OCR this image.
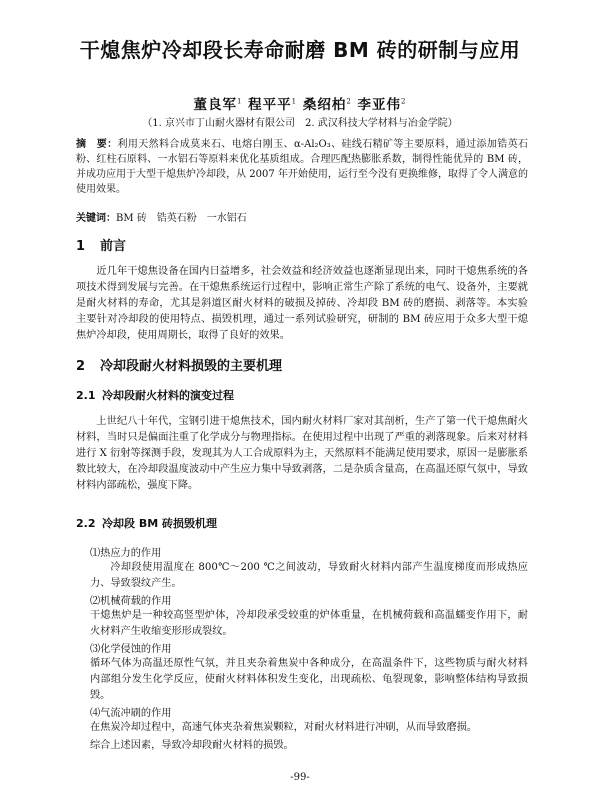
干熄焦炉冷却段长寿命耐磨 BM 砖的研制与应用
董良军$^1$ 程平平$^1$ 桑绍柏$^2$ 李亚伟$^2$
（1. 京兴市丁山耐火器材有限公司　2. 武汉科技大学材料与冶金学院）
摘　要：利用天然料合成莫来石、电熔白刚玉、α-Al₂O₃、硅线石精矿等主要原料，通过添加锆英石粉、红柱石原料、一水铝石等原料来优化基质组成。合理匹配热膨胀系数，制得性能优异的 BM 砖，并成功应用于大型干熄焦炉冷却段，从 2007 年开始使用，运行至今没有更换维修，取得了令人满意的使用效果。
关键词：BM 砖　锆英石粉　一水铝石
1 前言
近几年干熄焦设备在国内日益增多，社会效益和经济效益也逐渐显现出来，同时干熄焦系统的各项技术得到发展与完善。在干熄焦系统运行过程中，影响正常生产除了系统的电气、设备外，主要就是耐火材料的寿命，尤其是斜道区耐火材料的破损及掉砖、冷却段 BM 砖的磨损、剥落等。本实验主要针对冷却段的使用特点、损毁机理，通过一系列试验研究，研制的 BM 砖应用于众多大型干熄焦炉冷却段，使用周期长，取得了良好的效果。
2 冷却段耐火材料损毁的主要机理
2.1 冷却段耐火材料的演变过程
上世纪八十年代，宝钢引进干熄焦技术，国内耐火材料厂家对其剖析，生产了第一代干熄焦耐火材料，当时只是偏面注重了化学成分与物理指标。在使用过程中出现了严重的剥落现象。后来对材料进行 X 衍射等探测手段，发现其为人工合成原料为主，天然原料不能满足使用要求，原因一是膨胀系数比较大，在冷却段温度波动中产生应力集中导致剥落，二是杂质含量高，在高温还原气氛中，导致材料内部疏松，强度下降。
2.2 冷却段 BM 砖损毁机理
⑴热应力的作用
冷却段使用温度在 800℃～200 ℃之间波动，导致耐火材料内部产生温度梯度而形成热应力、导致裂纹产生。
⑵机械荷载的作用
干熄焦炉是一种较高竖型炉体，冷却段承受较重的炉体重量，在机械荷载和高温蠕变作用下，耐火材料产生收缩变形形成裂纹。
⑶化学侵蚀的作用
循环气体为高温还原性气氛，并且夹杂着焦炭中各种成分，在高温条件下，这些物质与耐火材料内部组分发生化学反应，使耐火材料体积发生变化，出现疏松、龟裂现象，影响整体结构导致损毁。
⑷气流冲刷的作用
在焦炭冷却过程中，高速气体夹杂着焦炭颗粒，对耐火材料进行冲刷，从而导致磨损。
综合上述因素，导致冷却段耐火材料的损毁。
-99-
